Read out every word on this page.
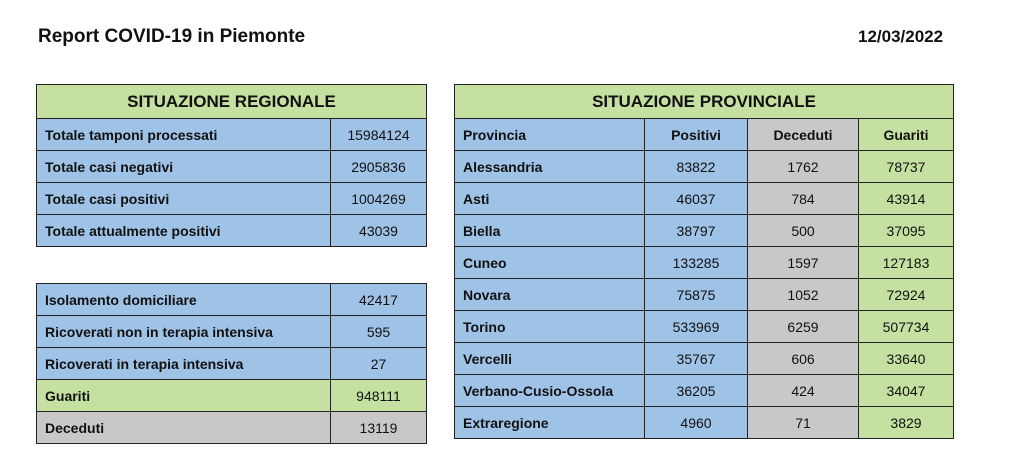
Report COVID-19 in Piemonte	12/03/2022
SITUAZIONE REGIONALE	
Totale tamponi processati	15984124
Totale casi negativi	2905836
Totale casi positivi	1004269
Totale attualmente positivi	43039
Isolamento domiciliare	42417
Ricoverati non in terapia intensiva	595
Ricoverati in terapia intensiva	27
Guariti	948111
Deceduti	13119
SITUAZIONE PROVINCIALE			
Provincia	Positivi	Deceduti	Guariti
Alessandria	83822	1762	78737
Asti	46037	784	43914
Biella	38797	500	37095
Cuneo	133285	1597	127183
Novara	75875	1052	72924
Torino	533969	6259	507734
Vercelli	35767	606	33640
Verbano-Cusio-Ossola	36205	424	34047
Extraregione	4960	71	3829
